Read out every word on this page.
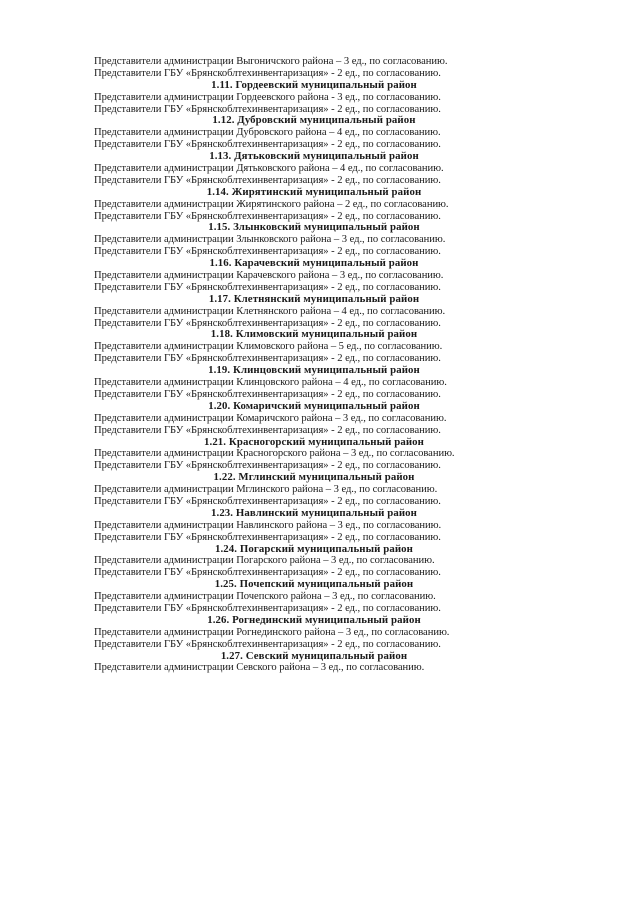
Представители администрации Выгоничского района – 3 ед., по согласованию.
Представители ГБУ «Брянскоблтехинвентаризация» - 2 ед., по согласованию.
1.11. Гордеевский муниципальный район
Представители администрации Гордеевского района - 3 ед., по согласованию.
Представители ГБУ «Брянскоблтехинвентаризация» - 2 ед., по согласованию.
1.12. Дубровский муниципальный район
Представители администрации Дубровского района – 4 ед., по согласованию.
Представители ГБУ «Брянскоблтехинвентаризация» - 2 ед., по согласованию.
1.13. Дятьковский муниципальный район
Представители администрации Дятьковского района – 4 ед., по согласованию.
Представители ГБУ «Брянскоблтехинвентаризация» - 2 ед., по согласованию.
1.14. Жирятинский муниципальный район
Представители администрации Жирятинского района – 2 ед., по согласованию.
Представители ГБУ «Брянскоблтехинвентаризация» - 2 ед., по согласованию.
1.15. Злынковский муниципальный район
Представители администрации Злынковского района – 3 ед., по согласованию.
Представители ГБУ «Брянскоблтехинвентаризация» - 2 ед., по согласованию.
1.16. Карачевский муниципальный район
Представители администрации Карачевского района – 3 ед., по согласованию.
Представители ГБУ «Брянскоблтехинвентаризация» - 2 ед., по согласованию.
1.17. Клетнянский муниципальный район
Представители администрации Клетнянского района – 4 ед., по согласованию.
Представители ГБУ «Брянскоблтехинвентаризация» - 2 ед., по согласованию.
1.18. Климовский муниципальный район
Представители администрации Климовского района – 5 ед., по согласованию.
Представители ГБУ «Брянскоблтехинвентаризация» - 2 ед., по согласованию.
1.19. Клинцовский муниципальный район
Представители администрации Клинцовского района – 4 ед., по согласованию.
Представители ГБУ «Брянскоблтехинвентаризация» - 2 ед., по согласованию.
1.20. Комаричский муниципальный район
Представители администрации Комаричского района – 3 ед., по согласованию.
Представители ГБУ «Брянскоблтехинвентаризация» - 2 ед., по согласованию.
1.21. Красногорский муниципальный район
Представители администрации Красногорского района – 3 ед., по согласованию.
Представители ГБУ «Брянскоблтехинвентаризация» - 2 ед., по согласованию.
1.22. Мглинский муниципальный район
Представители администрации Мглинского района – 3 ед., по согласованию.
Представители ГБУ «Брянскоблтехинвентаризация» - 2 ед., по согласованию.
1.23. Навлинский муниципальный район
Представители администрации Навлинского района – 3 ед., по согласованию.
Представители ГБУ «Брянскоблтехинвентаризация» - 2 ед., по согласованию.
1.24. Погарский муниципальный район
Представители администрации Погарского района – 3 ед., по согласованию.
Представители ГБУ «Брянскоблтехинвентаризация» - 2 ед., по согласованию.
1.25. Почепский муниципальный район
Представители администрации Почепского района – 3 ед., по согласованию.
Представители ГБУ «Брянскоблтехинвентаризация» - 2 ед., по согласованию.
1.26. Рогнединский муниципальный район
Представители администрации Рогнединского района – 3 ед., по согласованию.
Представители ГБУ «Брянскоблтехинвентаризация» - 2 ед., по согласованию.
1.27. Севский муниципальный район
Представители администрации Севского района – 3 ед., по согласованию.
